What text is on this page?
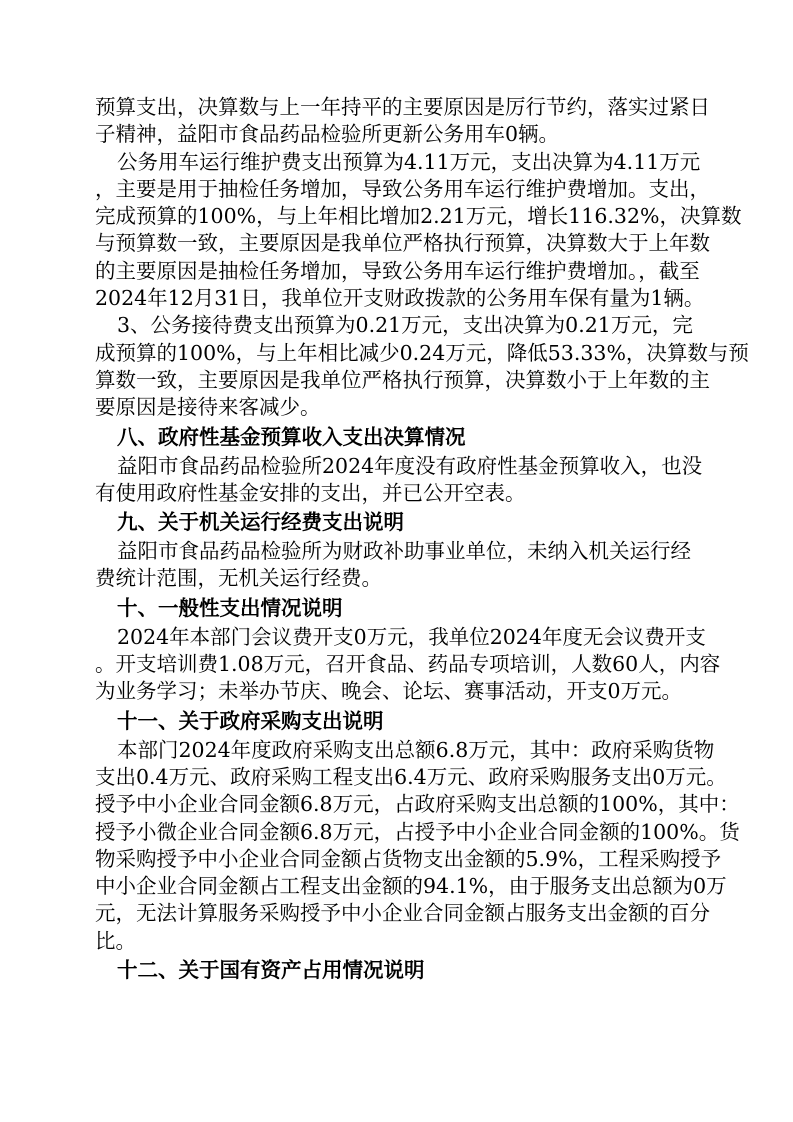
预算支出，决算数与上一年持平的主要原因是厉行节约，落实过紧日
子精神，益阳市食品药品检验所更新公务用车0辆。
公务用车运行维护费支出预算为4.11万元，支出决算为4.11万元
，主要是用于抽检任务增加，导致公务用车运行维护费增加。支出，
完成预算的100%，与上年相比增加2.21万元，增长116.32%，决算数
与预算数一致，主要原因是我单位严格执行预算，决算数大于上年数
的主要原因是抽检任务增加，导致公务用车运行维护费增加。，截至
2024年12月31日，我单位开支财政拨款的公务用车保有量为1辆。
3、公务接待费支出预算为0.21万元，支出决算为0.21万元，完
成预算的100%，与上年相比减少0.24万元，降低53.33%，决算数与预
算数一致，主要原因是我单位严格执行预算，决算数小于上年数的主
要原因是接待来客减少。
八、政府性基金预算收入支出决算情况
益阳市食品药品检验所2024年度没有政府性基金预算收入，也没
有使用政府性基金安排的支出，并已公开空表。
九、关于机关运行经费支出说明
益阳市食品药品检验所为财政补助事业单位，未纳入机关运行经
费统计范围，无机关运行经费。
十、一般性支出情况说明
2024年本部门会议费开支0万元，我单位2024年度无会议费开支
。开支培训费1.08万元，召开食品、药品专项培训，人数60人，内容
为业务学习；未举办节庆、晚会、论坛、赛事活动，开支0万元。
十一、关于政府采购支出说明
本部门2024年度政府采购支出总额6.8万元，其中：政府采购货物
支出0.4万元、政府采购工程支出6.4万元、政府采购服务支出0万元。
授予中小企业合同金额6.8万元，占政府采购支出总额的100%，其中：
授予小微企业合同金额6.8万元，占授予中小企业合同金额的100%。货
物采购授予中小企业合同金额占货物支出金额的5.9%，工程采购授予
中小企业合同金额占工程支出金额的94.1%，由于服务支出总额为0万
元，无法计算服务采购授予中小企业合同金额占服务支出金额的百分
比。
十二、关于国有资产占用情况说明
